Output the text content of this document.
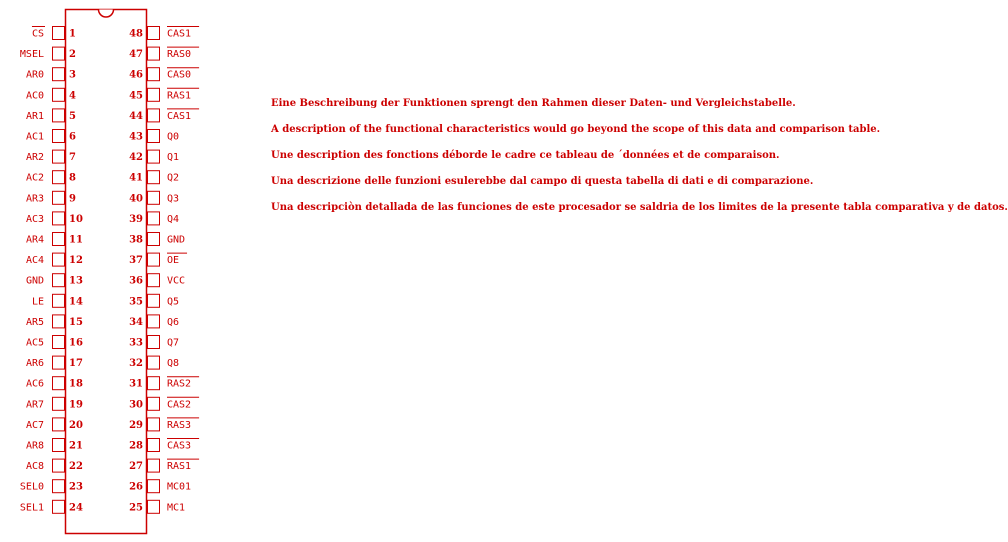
1
CS
2
MSEL
3
AR0
4
AC0
5
AR1
6
AC1
7
AR2
8
AC2
9
AR3
10
AC3
11
AR4
12
AC4
13
GND
14
LE
15
AR5
16
AC5
17
AR6
18
AC6
19
AR7
20
AC7
21
AR8
22
AC8
23
SEL0
24
SEL1
48 CAS1
47 RAS0
46 CAS0
45 RAS1
44 CAS1
43 Q0
42 Q1
41 Q2
40 Q3
39 Q4
38 GND
37 OE
36 VCC
35 Q5
34 Q6
33 Q7
32 Q8
31 RAS2
30 CAS2
29 RAS3
28 CAS3
27 RAS1
26 MC01
25 MC1

Eine Beschreibung der Funktionen sprengt den Rahmen dieser Daten- und Vergleichstabelle.

A description of the functional characteristics would go beyond the scope of this data and comparison table.

Une description des fonctions déborde le cadre ce tableau de ´données et de comparaison.

Una descrizione delle funzioni esulerebbe dal campo di questa tabella di dati e di comparazione.

Una descripciòn detallada de las funciones de este procesador se saldria de los limites de la presente tabla comparativa y de datos.
